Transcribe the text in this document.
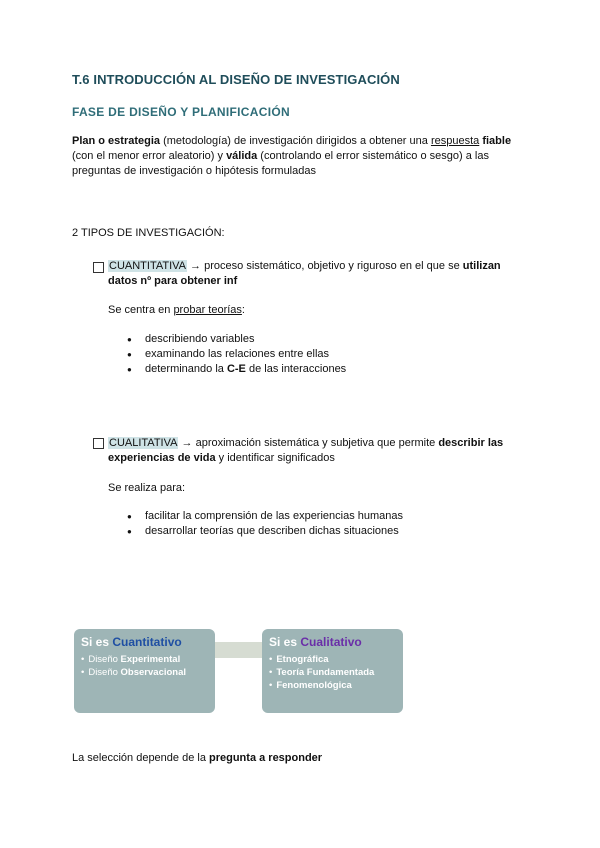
T.6 INTRODUCCIÓN AL DISEÑO DE INVESTIGACIÓN
FASE DE DISEÑO Y PLANIFICACIÓN
Plan o estrategia (metodología) de investigación dirigidos a obtener una respuesta fiable (con el menor error aleatorio) y válida (controlando el error sistemático o sesgo) a las preguntas de investigación o hipótesis formuladas
2 TIPOS DE INVESTIGACIÓN:
CUANTITATIVA → proceso sistemático, objetivo y riguroso en el que se utilizan datos nº para obtener inf
Se centra en probar teorías:
● describiendo variables
● examinando las relaciones entre ellas
● determinando la C-E de las interacciones
CUALITATIVA → aproximación sistemática y subjetiva que permite describir las experiencias de vida y identificar significados
Se realiza para:
● facilitar la comprensión de las experiencias humanas
● desarrollar teorías que describen dichas situaciones
Si es Cuantitativo
• Diseño Experimental
• Diseño Observacional
Si es Cualitativo
• Etnográfica
• Teoría Fundamentada
• Fenomenológica
La selección depende de la pregunta a responder
